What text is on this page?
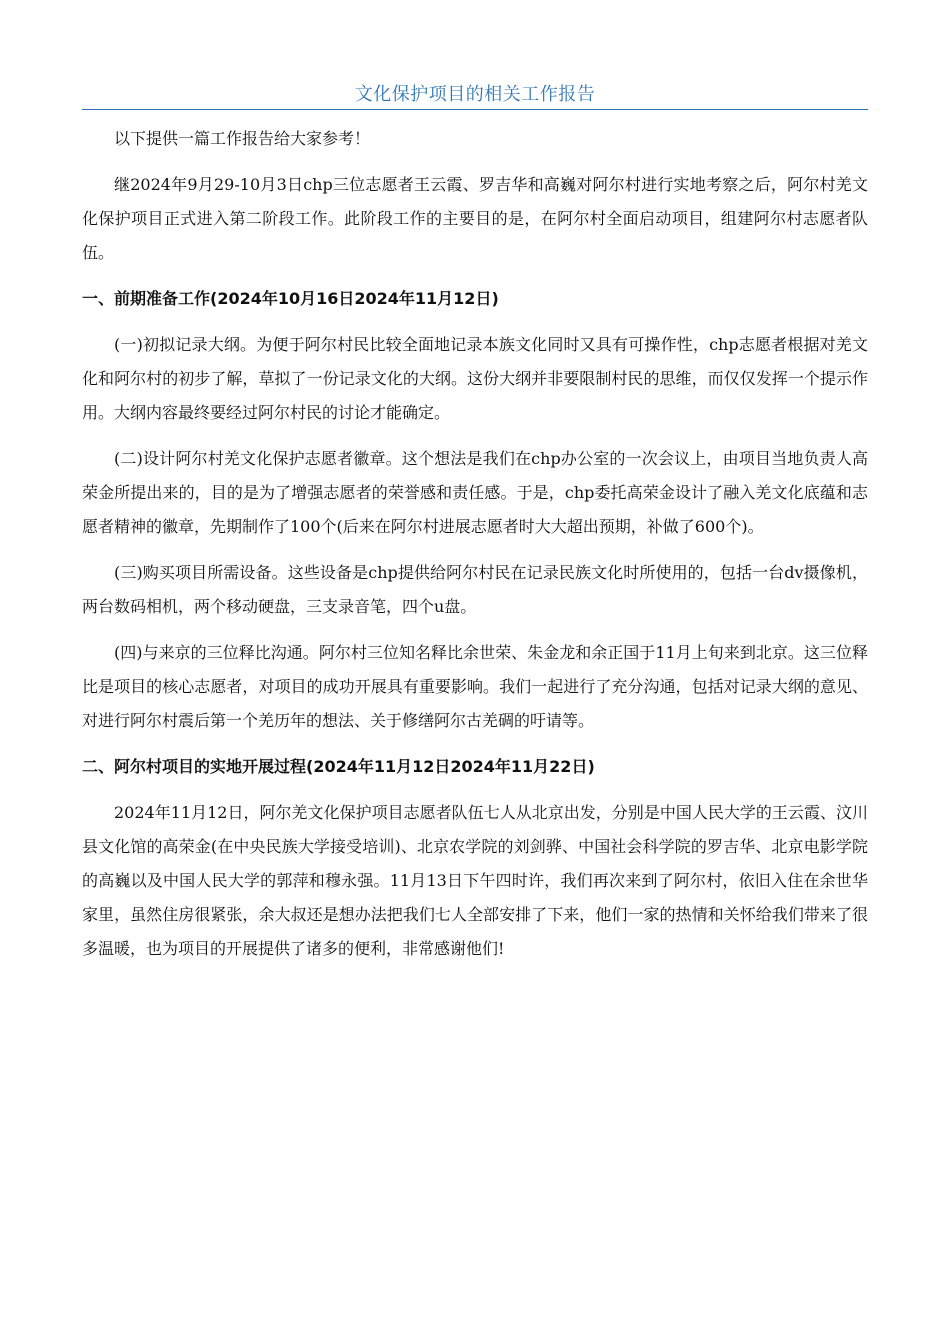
文化保护项目的相关工作报告

以下提供一篇工作报告给大家参考！

继2024年9月29-10月3日chp三位志愿者王云霞、罗吉华和高巍对阿尔村进行实地考察之后，阿尔村羌文化保护项目正式进入第二阶段工作。此阶段工作的主要目的是，在阿尔村全面启动项目，组建阿尔村志愿者队伍。

一、前期准备工作(2024年10月16日2024年11月12日)

(一)初拟记录大纲。为便于阿尔村民比较全面地记录本族文化同时又具有可操作性，chp志愿者根据对羌文化和阿尔村的初步了解，草拟了一份记录文化的大纲。这份大纲并非要限制村民的思维，而仅仅发挥一个提示作用。大纲内容最终要经过阿尔村民的讨论才能确定。

(二)设计阿尔村羌文化保护志愿者徽章。这个想法是我们在chp办公室的一次会议上，由项目当地负责人高荣金所提出来的，目的是为了增强志愿者的荣誉感和责任感。于是，chp委托高荣金设计了融入羌文化底蕴和志愿者精神的徽章，先期制作了100个(后来在阿尔村进展志愿者时大大超出预期，补做了600个)。

(三)购买项目所需设备。这些设备是chp提供给阿尔村民在记录民族文化时所使用的，包括一台dv摄像机，两台数码相机，两个移动硬盘，三支录音笔，四个u盘。

(四)与来京的三位释比沟通。阿尔村三位知名释比余世荣、朱金龙和余正国于11月上旬来到北京。这三位释比是项目的核心志愿者，对项目的成功开展具有重要影响。我们一起进行了充分沟通，包括对记录大纲的意见、对进行阿尔村震后第一个羌历年的想法、关于修缮阿尔古羌碉的吁请等。

二、阿尔村项目的实地开展过程(2024年11月12日2024年11月22日)

2024年11月12日，阿尔羌文化保护项目志愿者队伍七人从北京出发，分别是中国人民大学的王云霞、汶川县文化馆的高荣金(在中央民族大学接受培训)、北京农学院的刘剑骅、中国社会科学院的罗吉华、北京电影学院的高巍以及中国人民大学的郭萍和穆永强。11月13日下午四时许，我们再次来到了阿尔村，依旧入住在余世华家里，虽然住房很紧张，余大叔还是想办法把我们七人全部安排了下来，他们一家的热情和关怀给我们带来了很多温暖，也为项目的开展提供了诸多的便利，非常感谢他们!
